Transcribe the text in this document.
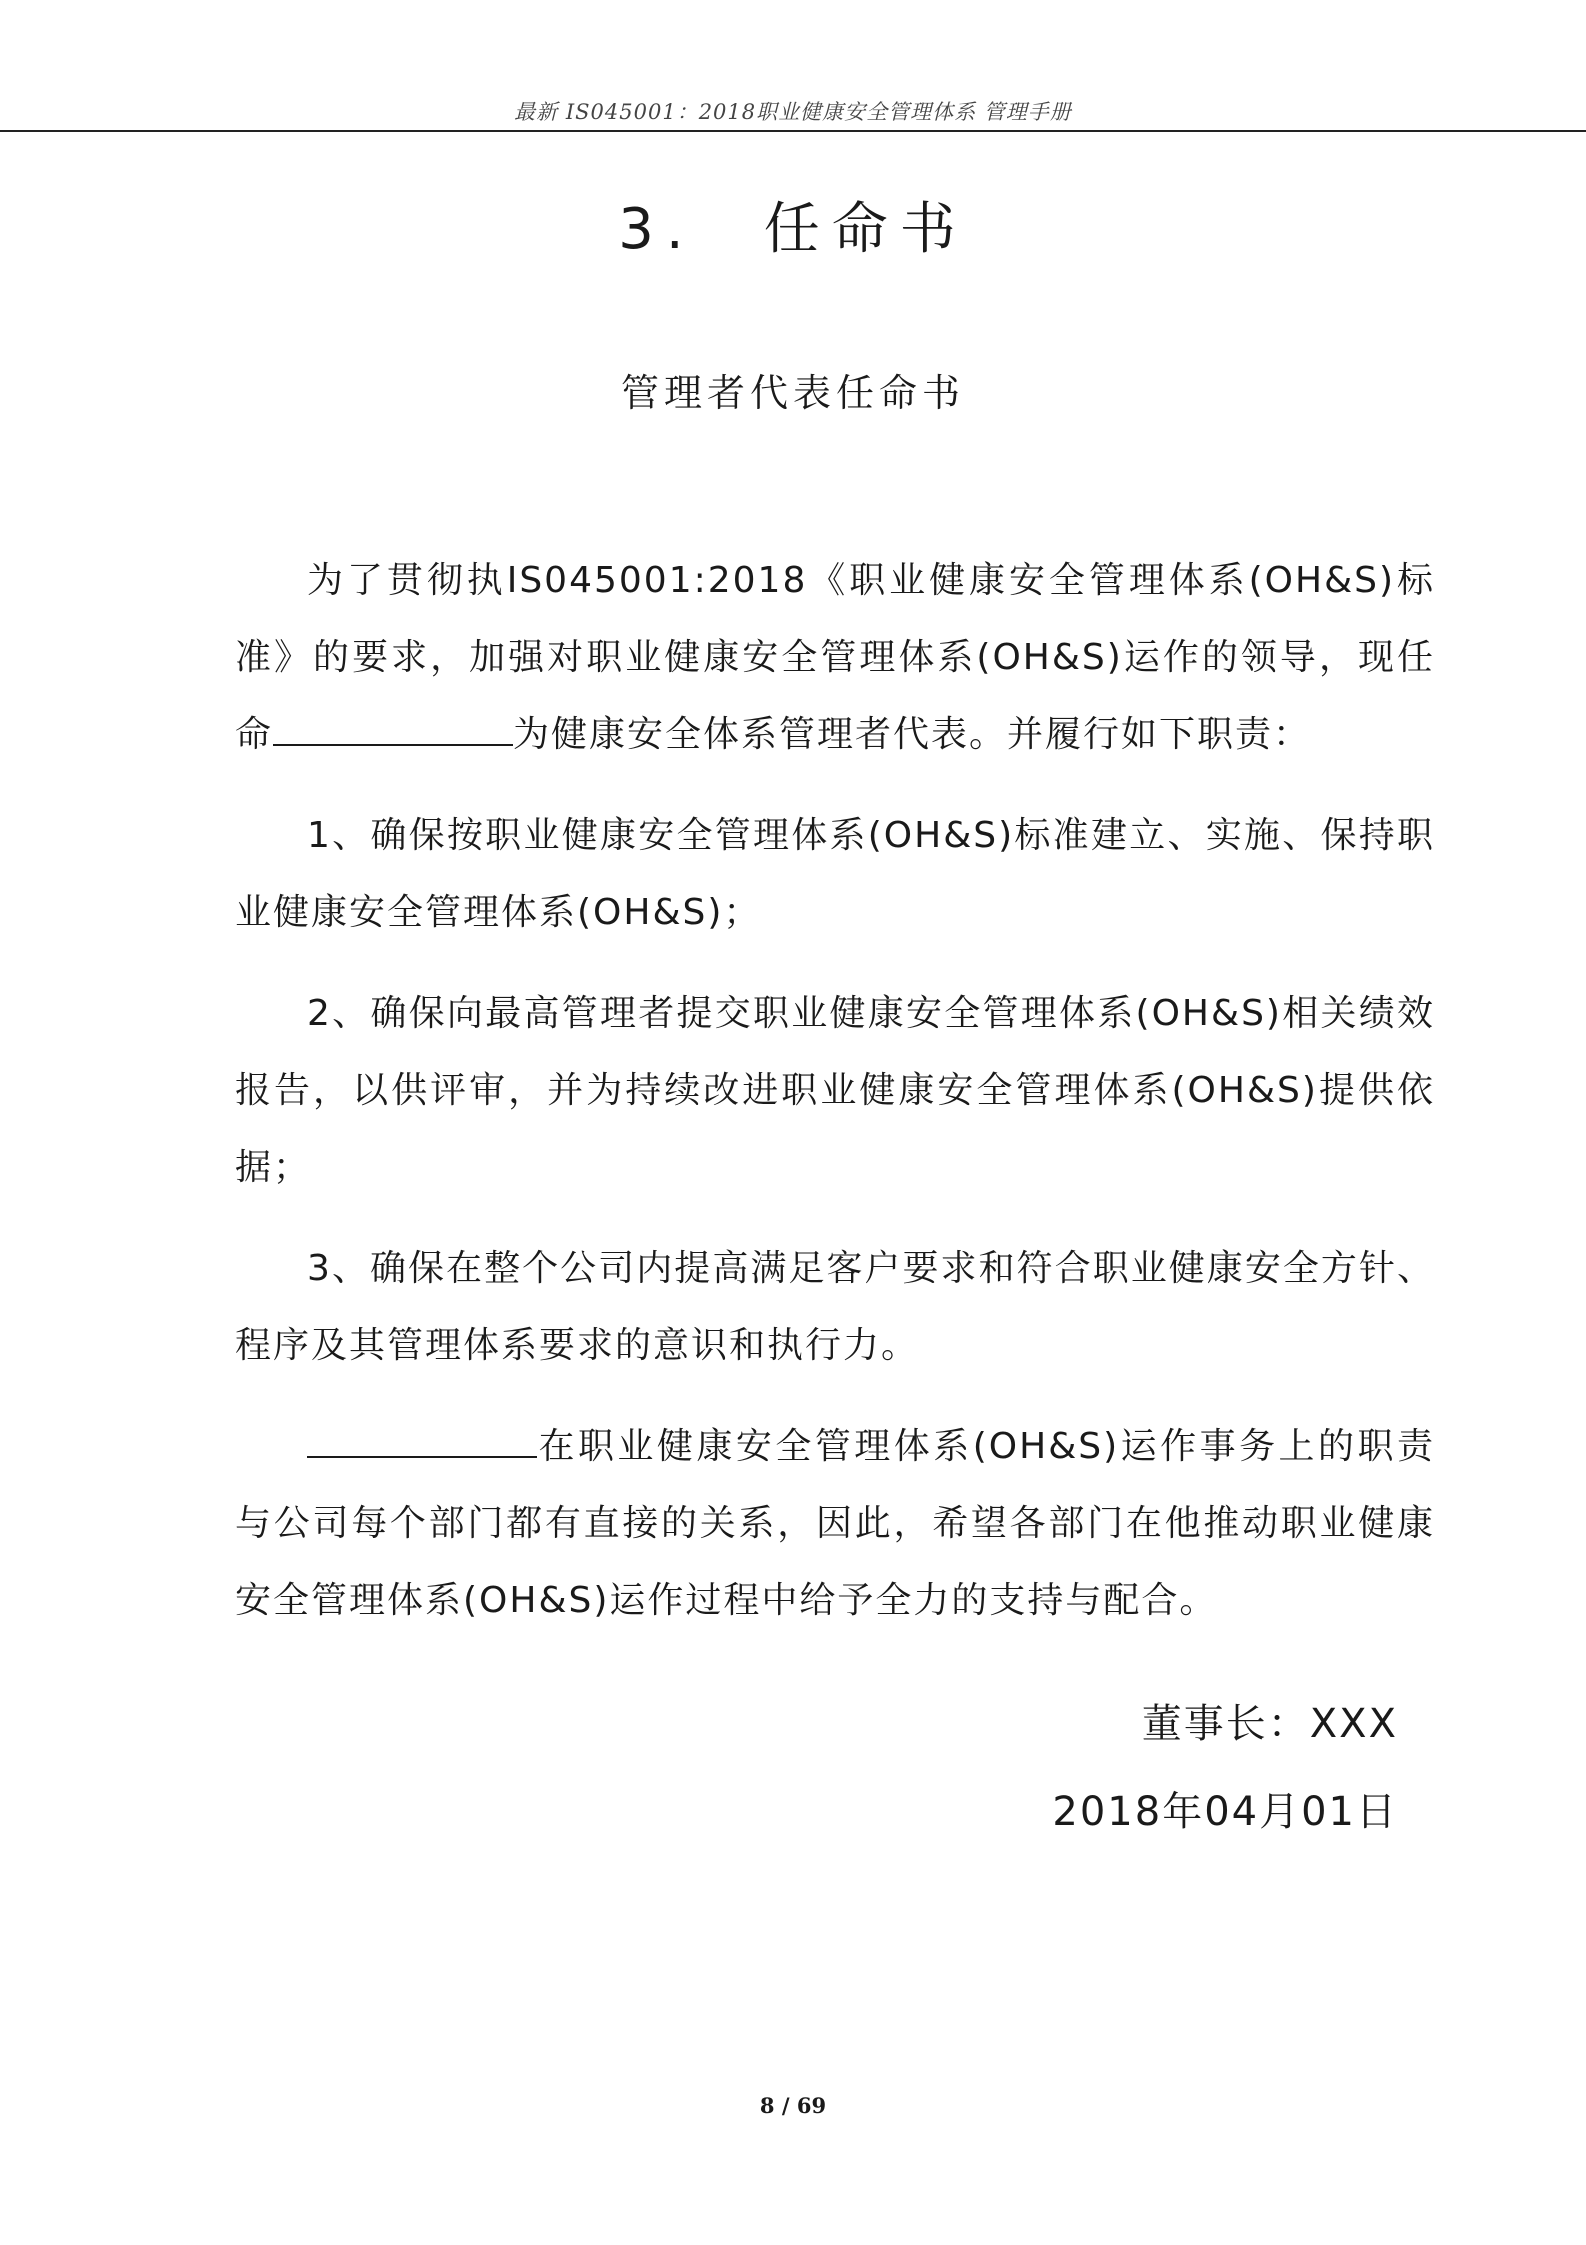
最新 IS045001：2018职业健康安全管理体系 管理手册
3.　任命书
管理者代表任命书

为了贯彻执IS045001:2018《职业健康安全管理体系(OH&S)标准》的要求，加强对职业健康安全管理体系(OH&S)运作的领导，现任命	为健康安全体系管理者代表。并履行如下职责：

1、确保按职业健康安全管理体系(OH&S)标准建立、实施、保持职业健康安全管理体系(OH&S)；

2、确保向最高管理者提交职业健康安全管理体系(OH&S)相关绩效报告，以供评审，并为持续改进职业健康安全管理体系(OH&S)提供依据；

3、确保在整个公司内提高满足客户要求和符合职业健康安全方针、程序及其管理体系要求的意识和执行力。

在职业健康安全管理体系(OH&S)运作事务上的职责与公司每个部门都有直接的关系，因此，希望各部门在他推动职业健康安全管理体系(OH&S)运作过程中给予全力的支持与配合。

董事长：XXX
2018年04月01日
8 / 69
